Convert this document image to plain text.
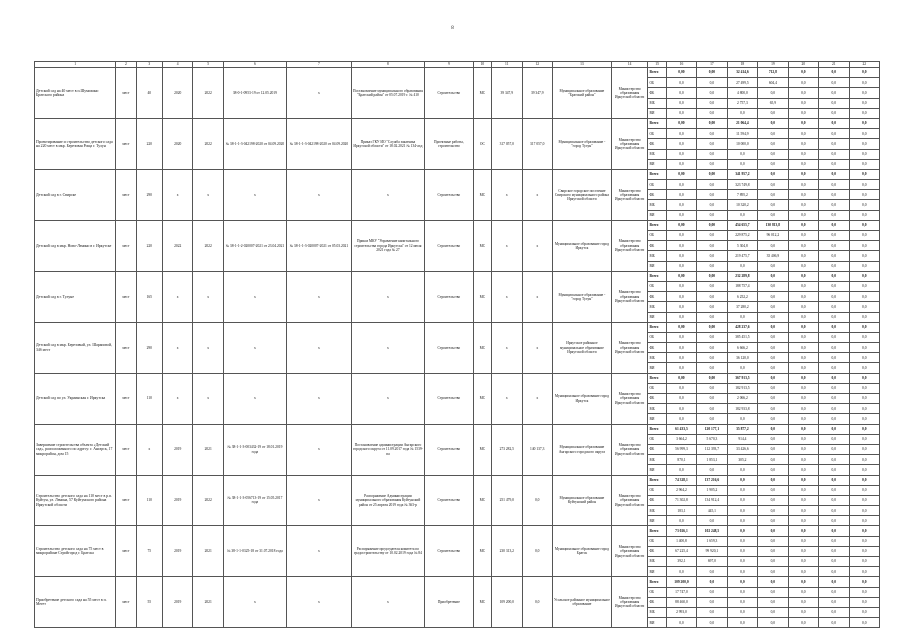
8
1	2	3	4	5	6	7	8	9	10	11	12	13	14	15	16	17	18	19	20	21	22
Детский сад на 40 мест в п.Шумихино Братского района	мест	40	2020	2022	38-0-1-0953-19 от 12.05.2019	х	Постановление муниципального образования "Братский район" от 05.07.2019 г. № 410	Строительство	МС	39 347,9	39 347,9	Муниципальное образование "Братский район"	Министерство образования Иркутской области	Всего	0,00	0,00	32 414,6	712,8	0,0	0,0	0,0
														ОБ	0,0	0,0	27 499,5	604,4	0,0	0,0	0,0
														ФБ	0,0	0,0	4 800,0	0,0	0,0	0,0	0,0
														МБ	0,0	0,0	2 757,3	65,9	0,0	0,0	0,0
														ВИ	0,0	0,0	0,0	0,0	0,0	0,0	0,0
Проектирование и строительство детского сада на 220 мест в мкр. Березовая Роща г. Тулун	мест	220	2020	2022	№ 38-1-1-3-042198-2020 от 04.09.2020	№ 38-1-1-3-042198-2020 от 04.09.2020	Приказ ГКУ ИО "Служба заказчика Иркутской области" от 18.02.2021 № 134-ахд	Проектные работы, строительство	ОС	317 057,0	317 057,0	Муниципальное образование - "город Тулун"	Министерство образования Иркутской области	Всего	0,00	0,00	21 064,4	0,0	0,0	0,0	0,0
														ОБ	0,0	0,0	11 594,9	0,0	0,0	0,0	0,0
														ФБ	0,0	0,0	10 000,0	0,0	0,0	0,0	0,0
														МБ	0,0	0,0	0,0	0,0	0,0	0,0	0,0
														ВИ	0,0	0,0	0,0	0,0	0,0	0,0	0,0
Детский сад в г. Свирске	мест	290	х	х	х	х	х	Строительство	МС	х	х	Свирское городское поселение Свирского муниципального района Иркутской области	Министерство образования Иркутской области	Всего	0,00	0,00	341 957,2	0,0	0,0	0,0	0,0
														ОБ	0,0	0,0	323 749,8	0,0	0,0	0,0	0,0
														ФБ	0,0	0,0	7 895,2	0,0	0,0	0,0	0,0
														МБ	0,0	0,0	10 320,2	0,0	0,0	0,0	0,0
														ВИ	0,0	0,0	0,0	0,0	0,0	0,0	0,0
Детский сад в мкр. Ново-Ленино в г. Иркутске	мест	220	2022	2022	№ 38-1-1-2-020007-2021 от 23.04.2021	№ 38-1-1-3-020007-2021 от 05.03.2021	Приказ МКУ "Управление капитального строительства города Иркутска" от 12 июля 2021 года № 27	Строительство	МС	х	х	Муниципальное образование город Иркутск	Министерство образования Иркутской области	Всего	0,00	0,00	454 655,7	130 813,8	0,0	0,0	0,0
														ОБ	0,0	0,0	229 875,2	96 012,2	0,0	0,0	0,0
														ФБ	0,0	0,0	5 304,8	0,0	0,0	0,0	0,0
														МБ	0,0	0,0	219 475,7	35 406,9	0,0	0,0	0,0
														ВИ	0,0	0,0	0,0	0,0	0,0	0,0	0,0
Детский сад в г. Тулуне	мест	165	х	х	х	х	х	Строительство	МС	х	х	Муниципальное образование - "город Тулун"	Министерство образования Иркутской области	Всего	0,00	0,00	232 289,8	0,0	0,0	0,0	0,0
														ОБ	0,0	0,0	188 757,4	0,0	0,0	0,0	0,0
														ФБ	0,0	0,0	6 252,2	0,0	0,0	0,0	0,0
														МБ	0,0	0,0	37 280,2	0,0	0,0	0,0	0,0
														ВИ	0,0	0,0	0,0	0,0	0,0	0,0	0,0
Детский сад в мкр. Березовый, ул. Шараповой, 34б мест	мест	290	х	х	х	х	х	Строительство	МС	х	х	Иркутское районное муниципальное образование Иркутской области	Министерство образования Иркутской области	Всего	0,00	0,00	428 237,6	0,0	0,0	0,0	0,0
														ОБ	0,0	0,0	385 451,5	0,0	0,0	0,0	0,0
														ФБ	0,0	0,0	6 666,2	0,0	0,0	0,0	0,0
														МБ	0,0	0,0	36 120,0	0,0	0,0	0,0	0,0
														ВИ	0,0	0,0	0,0	0,0	0,0	0,0	0,0
Детский сад по ул. Украинская г. Иркутска	мест	110	х	х	х	х	х	Строительство	МС	х	х	Муниципальное образование город Иркутск	Министерство образования Иркутской области	Всего	0,00	0,00	367 913,5	0,0	0,0	0,0	0,0
														ОБ	0,0	0,0	182 913,5	0,0	0,0	0,0	0,0
														ФБ	0,0	0,0	2 066,2	0,0	0,0	0,0	0,0
														МБ	0,0	0,0	182 933,8	0,0	0,0	0,0	0,0
														ВИ	0,0	0,0	0,0	0,0	0,0	0,0	0,0
Завершение строительства объекта «Детский сад», расположенного по адресу: г. Ангарск, 17 микрорайон, дом 15	мест	х	2019	2021	№ 38-1-1-3-003432-19 от 18.01.2019 года	х	Постановление администрации Ангарского городского округа от 11.09.2017 года № 1539-па	Строительство	МС	273 282,5	140 137,3	Муниципальное образование Ангарского городского округа	Министерство образования Иркутской области	Всего	61 433,5	120 177,1	35 877,2	0,0	0,0	0,0	0,0
														ОБ	3 664,2	5 670,3	914,4	0,0	0,0	0,0	0,0
														ФБ	56 999,3	112 393,7	33 426,6	0,0	0,0	0,0	0,0
														МБ	870,1	1 853,1	305,2	0,0	0,0	0,0	0,0
														ВИ	0,0	0,0	0,0	0,0	0,0	0,0	0,0
Строительство детского сада на 110 мест в р.п. Куйтун, ул. Ленина, 57 Куйтунского района Иркутской области	мест	110	2019	2022	№ 38-1-1-3-056713-19 от 15.05.2017 года	х	Распоряжение Администрации муниципального образования Куйтунский район от 25 апреля 2019 года № 363-р	Строительство	МС	251 479,0	0,0	Муниципальное образование Куйтунский район	Министерство образования Иркутской области	Всего	74 328,1	137 216,6	0,0	0,0	0,0	0,0	0,0
														ОБ	2 964,2	1 905,2	0,0	0,0	0,0	0,0	0,0
														ФБ	71 302,8	134 912,4	0,0	0,0	0,0	0,0	0,0
														МБ	183,1	445,1	0,0	0,0	0,0	0,0	0,0
														ВИ	0,0	0,0	0,0	0,0	0,0	0,0	0,0
Строительство детского сада на 75 мест в микрорайоне Стройгород г. Братска	мест	75	2019	2021	№ 38-1-1-0325-18 от 31.07.2018 года	х	Распоряжение председателя комитета по градостроительству от 10.02.2019 года № 84	Строительство	МС	230 313,2	0,0	Муниципальное образование город Братск	Министерство образования Иркутской области	Всего	73 026,1	102 248,5	0,0	0,0	0,0	0,0	0,0
														ОБ	1 400,8	1 659,3	0,0	0,0	0,0	0,0	0,0
														ФБ	67 225,4	99 920,1	0,0	0,0	0,0	0,0	0,0
														МБ	392,1	697,0	0,0	0,0	0,0	0,0	0,0
														ВИ	0,0	0,0	0,0	0,0	0,0	0,0	0,0
Приобретение детского сада на 55 мест в п. Мегет	мест	55	2019	2021	х	х	х	Приобретение	МС	109 200,0	0,0	Усольское районное муниципальное образование	Министерство образования Иркутской области	Всего	109 200,0	0,0	0,0	0,0	0,0	0,0	0,0
														ОБ	17 747,0	0,0	0,0	0,0	0,0	0,0	0,0
														ФБ	88 460,0	0,0	0,0	0,0	0,0	0,0	0,0
														МБ	2 993,0	0,0	0,0	0,0	0,0	0,0	0,0
														ВИ	0,0	0,0	0,0	0,0	0,0	0,0	0,0
